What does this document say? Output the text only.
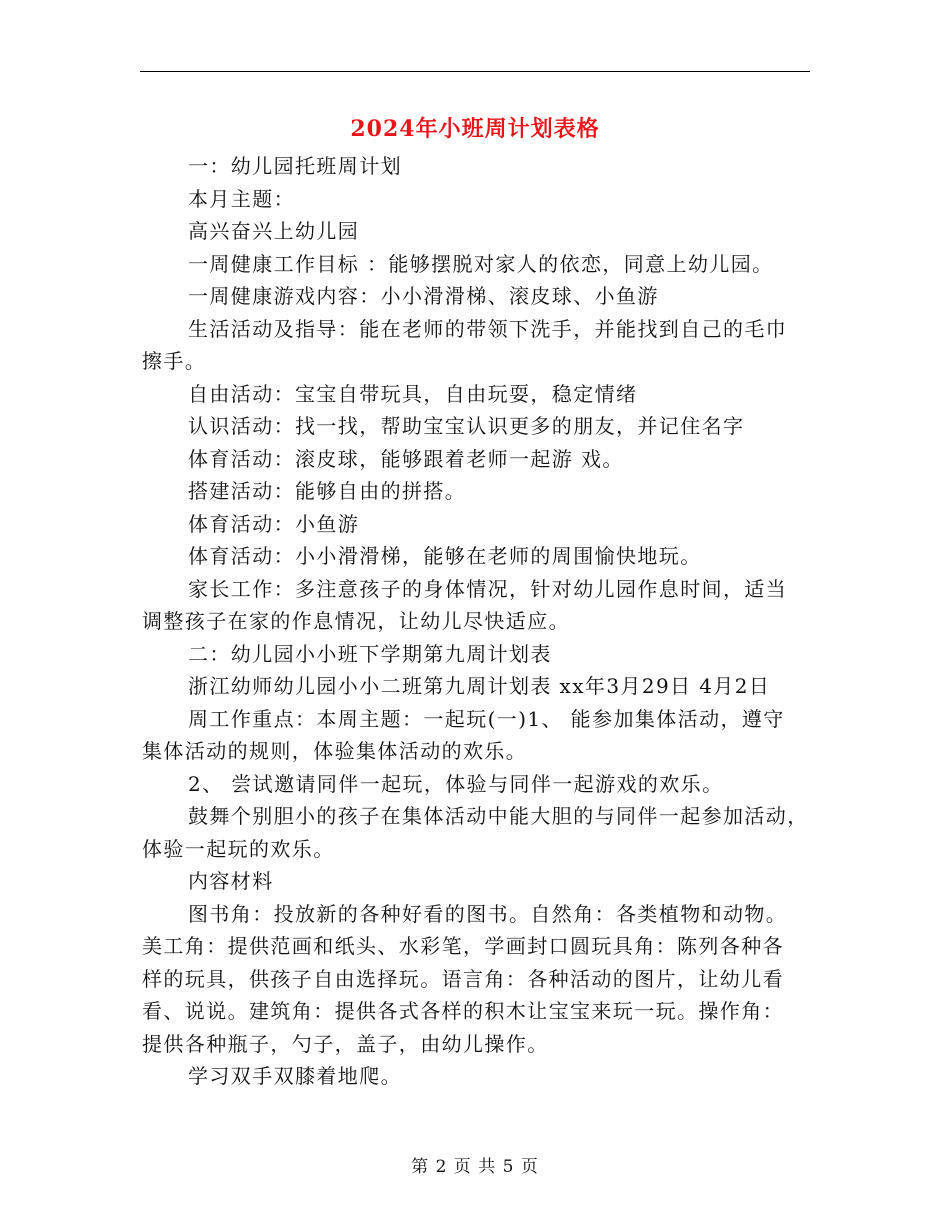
2024年小班周计划表格
一：幼儿园托班周计划
本月主题：
高兴奋兴上幼儿园
一周健康工作目标 ：能够摆脱对家人的依恋，同意上幼儿园。
一周健康游戏内容：小小滑滑梯、滚皮球、小鱼游
生活活动及指导：能在老师的带领下洗手，并能找到自己的毛巾
擦手。
自由活动：宝宝自带玩具，自由玩耍，稳定情绪
认识活动：找一找，帮助宝宝认识更多的朋友，并记住名字
体育活动：滚皮球，能够跟着老师一起游 戏。
搭建活动：能够自由的拼搭。
体育活动：小鱼游
体育活动：小小滑滑梯，能够在老师的周围愉快地玩。
家长工作：多注意孩子的身体情况，针对幼儿园作息时间，适当
调整孩子在家的作息情况，让幼儿尽快适应。
二：幼儿园小小班下学期第九周计划表
浙江幼师幼儿园小小二班第九周计划表 xx年3月29日 4月2日
周工作重点：本周主题：一起玩(一)1、 能参加集体活动，遵守
集体活动的规则，体验集体活动的欢乐。
2、 尝试邀请同伴一起玩，体验与同伴一起游戏的欢乐。
鼓舞个别胆小的孩子在集体活动中能大胆的与同伴一起参加活动，
体验一起玩的欢乐。
内容材料
图书角：投放新的各种好看的图书。自然角：各类植物和动物。
美工角：提供范画和纸头、水彩笔，学画封口圆玩具角：陈列各种各
样的玩具，供孩子自由选择玩。语言角：各种活动的图片，让幼儿看
看、说说。建筑角：提供各式各样的积木让宝宝来玩一玩。操作角：
提供各种瓶子，勺子，盖子，由幼儿操作。
学习双手双膝着地爬。
第 2 页 共 5 页
